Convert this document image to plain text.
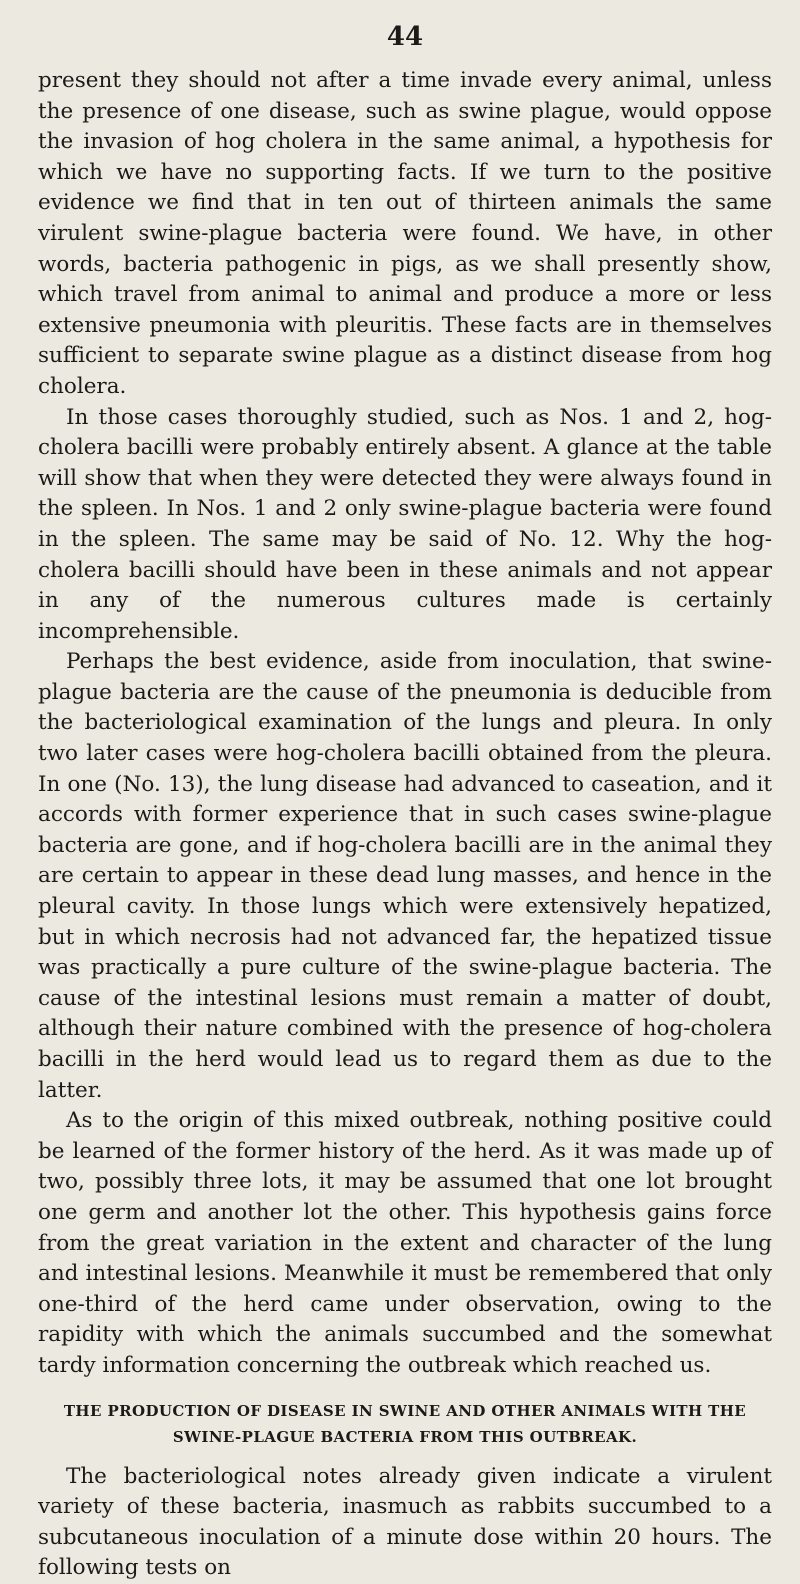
44

present they should not after a time invade every animal, unless the presence of one disease, such as swine plague, would oppose the invasion of hog cholera in the same animal, a hypothesis for which we have no supporting facts. If we turn to the positive evidence we find that in ten out of thirteen animals the same virulent swine-plague bacteria were found. We have, in other words, bacteria pathogenic in pigs, as we shall presently show, which travel from animal to animal and produce a more or less extensive pneumonia with pleuritis. These facts are in themselves sufficient to separate swine plague as a distinct disease from hog cholera.

In those cases thoroughly studied, such as Nos. 1 and 2, hog-cholera bacilli were probably entirely absent. A glance at the table will show that when they were detected they were always found in the spleen. In Nos. 1 and 2 only swine-plague bacteria were found in the spleen. The same may be said of No. 12. Why the hog-cholera bacilli should have been in these animals and not appear in any of the numerous cultures made is certainly incomprehensible.

Perhaps the best evidence, aside from inoculation, that swine-plague bacteria are the cause of the pneumonia is deducible from the bacteriological examination of the lungs and pleura. In only two later cases were hog-cholera bacilli obtained from the pleura. In one (No. 13), the lung disease had advanced to caseation, and it accords with former experience that in such cases swine-plague bacteria are gone, and if hog-cholera bacilli are in the animal they are certain to appear in these dead lung masses, and hence in the pleural cavity. In those lungs which were extensively hepatized, but in which necrosis had not advanced far, the hepatized tissue was practically a pure culture of the swine-plague bacteria. The cause of the intestinal lesions must remain a matter of doubt, although their nature combined with the presence of hog-cholera bacilli in the herd would lead us to regard them as due to the latter.

As to the origin of this mixed outbreak, nothing positive could be learned of the former history of the herd. As it was made up of two, possibly three lots, it may be assumed that one lot brought one germ and another lot the other. This hypothesis gains force from the great variation in the extent and character of the lung and intestinal lesions. Meanwhile it must be remembered that only one-third of the herd came under observation, owing to the rapidity with which the animals succumbed and the somewhat tardy information concerning the outbreak which reached us.

THE PRODUCTION OF DISEASE IN SWINE AND OTHER ANIMALS WITH THE SWINE-PLAGUE BACTERIA FROM THIS OUTBREAK.

The bacteriological notes already given indicate a virulent variety of these bacteria, inasmuch as rabbits succumbed to a subcutaneous inoculation of a minute dose within 20 hours. The following tests on
